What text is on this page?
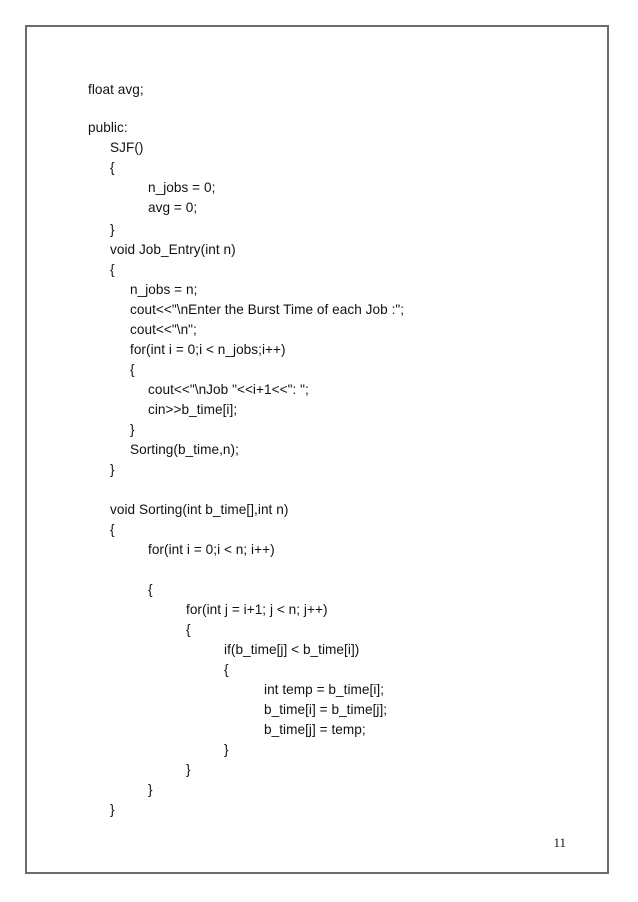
float avg;
public:
SJF()
{
n_jobs = 0;
avg = 0;
}
void Job_Entry(int n)
{
n_jobs = n;
cout<<"\nEnter the Burst Time of each Job :";
cout<<"\n";
for(int i = 0;i < n_jobs;i++)
{
cout<<"\nJob "<<i+1<<": ";
cin>>b_time[i];
}
Sorting(b_time,n);
}
void Sorting(int b_time[],int n)
{
for(int i = 0;i < n; i++)
{
for(int j = i+1; j < n; j++)
{
if(b_time[j] < b_time[i])
{
int temp = b_time[i];
b_time[i] = b_time[j];
b_time[j] = temp;
}
}
}
}
11
